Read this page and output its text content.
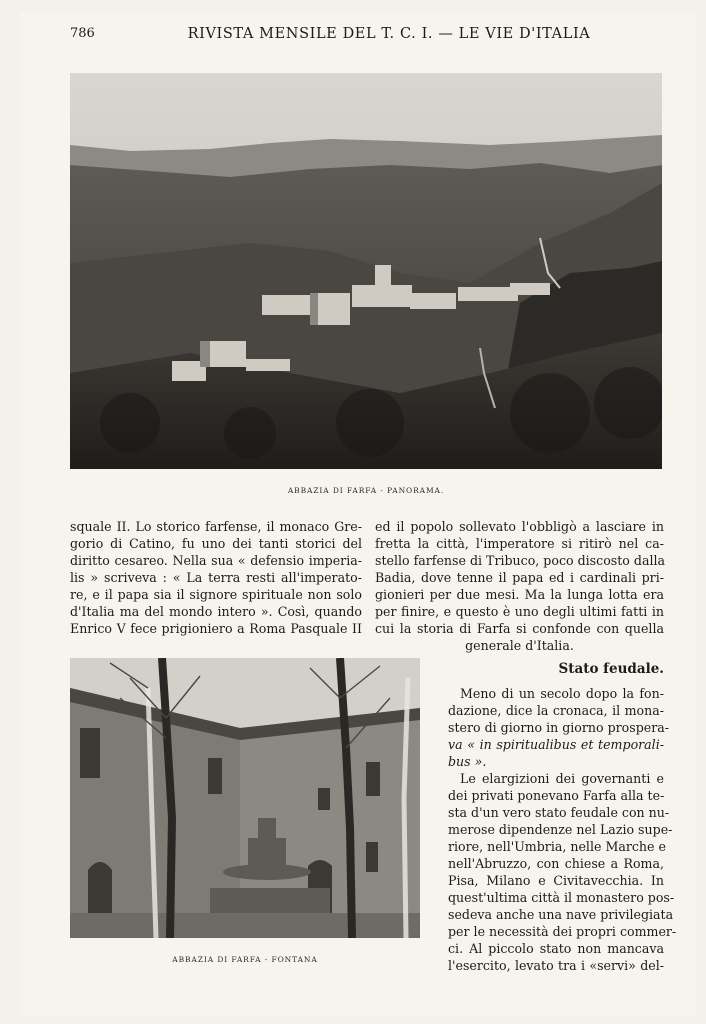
786	RIVISTA MENSILE DEL T. C. I. — LE VIE D'ITALIA
ABBAZIA DI FARFA - PANORAMA.
squale II. Lo storico farfense, il monaco Gre-
gorio di Catino, fu uno dei tanti storici del
diritto cesareo. Nella sua « defensio imperia-
lis » scriveva : « La terra resti all'imperato-
re, e il papa sia il signore spirituale non solo
d'Italia ma del mondo intero ». Così, quando
Enrico V fece prigioniero a Roma Pasquale II
ed il popolo sollevato l'obbligò a lasciare in
fretta la città, l'imperatore si ritirò nel ca-
stello farfense di Tribuco, poco discosto dalla
Badia, dove tenne il papa ed i cardinali pri-
gionieri per due mesi. Ma la lunga lotta era
per finire, e questo è uno degli ultimi fatti in
cui la storia di Farfa si confonde con quella
generale d'Italia.
ABBAZIA DI FARFA - FONTANA
Stato feudale.
Meno di un secolo dopo la fon-
dazione, dice la cronaca, il mona-
stero di giorno in giorno prospera-
va « in spiritualibus et temporali-
bus ».
Le elargizioni dei governanti e
dei privati ponevano Farfa alla te-
sta d'un vero stato feudale con nu-
merose dipendenze nel Lazio supe-
riore, nell'Umbria, nelle Marche e
nell'Abruzzo, con chiese a Roma,
Pisa, Milano e Civitavecchia. In
quest'ultima città il monastero pos-
sedeva anche una nave privilegiata
per le necessità dei propri commer-
ci. Al piccolo stato non mancava
l'esercito, levato tra i «servi» del-
